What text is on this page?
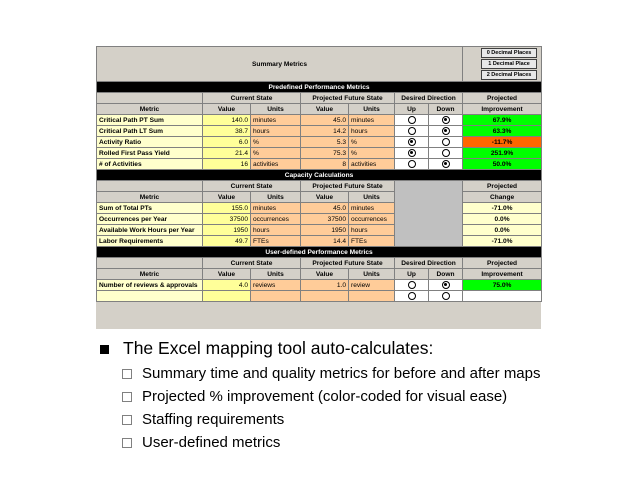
Summary Metrics							0 Decimal Places
1 Decimal Place
2 Decimal Places

Predefined Performance Metrics							
	Current State		Projected Future State		Desired Direction		Projected
Metric	Value	Units	Value	Units	Up	Down	Improvement
Critical Path PT Sum	140.0	minutes	45.0	minutes			67.9%
Critical Path LT Sum	38.7	hours	14.2	hours			63.3%
Activity Ratio	6.0	%	5.3	%			-11.7%
Rolled First Pass Yield	21.4	%	75.3	%			251.9%
# of Activities	16	activities	8	activities			50.0%
Capacity Calculations							
	Current State		Projected Future State				Projected
Metric	Value	Units	Value	Units			Change
Sum of Total PTs	155.0	minutes	45.0	minutes			-71.0%
Occurrences per Year	37500	occurrences	37500	occurrences			0.0%
Available Work Hours per Year	1950	hours	1950	hours			0.0%
Labor Requirements	49.7	FTEs	14.4	FTEs			-71.0%
User-defined Performance Metrics							
	Current State		Projected Future State		Desired Direction		Projected
Metric	Value	Units	Value	Units	Up	Down	Improvement
Number of reviews & approvals	4.0	reviews	1.0	review			75.0%

The Excel mapping tool auto-calculates:
Summary time and quality metrics for before and after maps
Projected % improvement (color-coded for visual ease)
Staffing requirements
User-defined metrics
